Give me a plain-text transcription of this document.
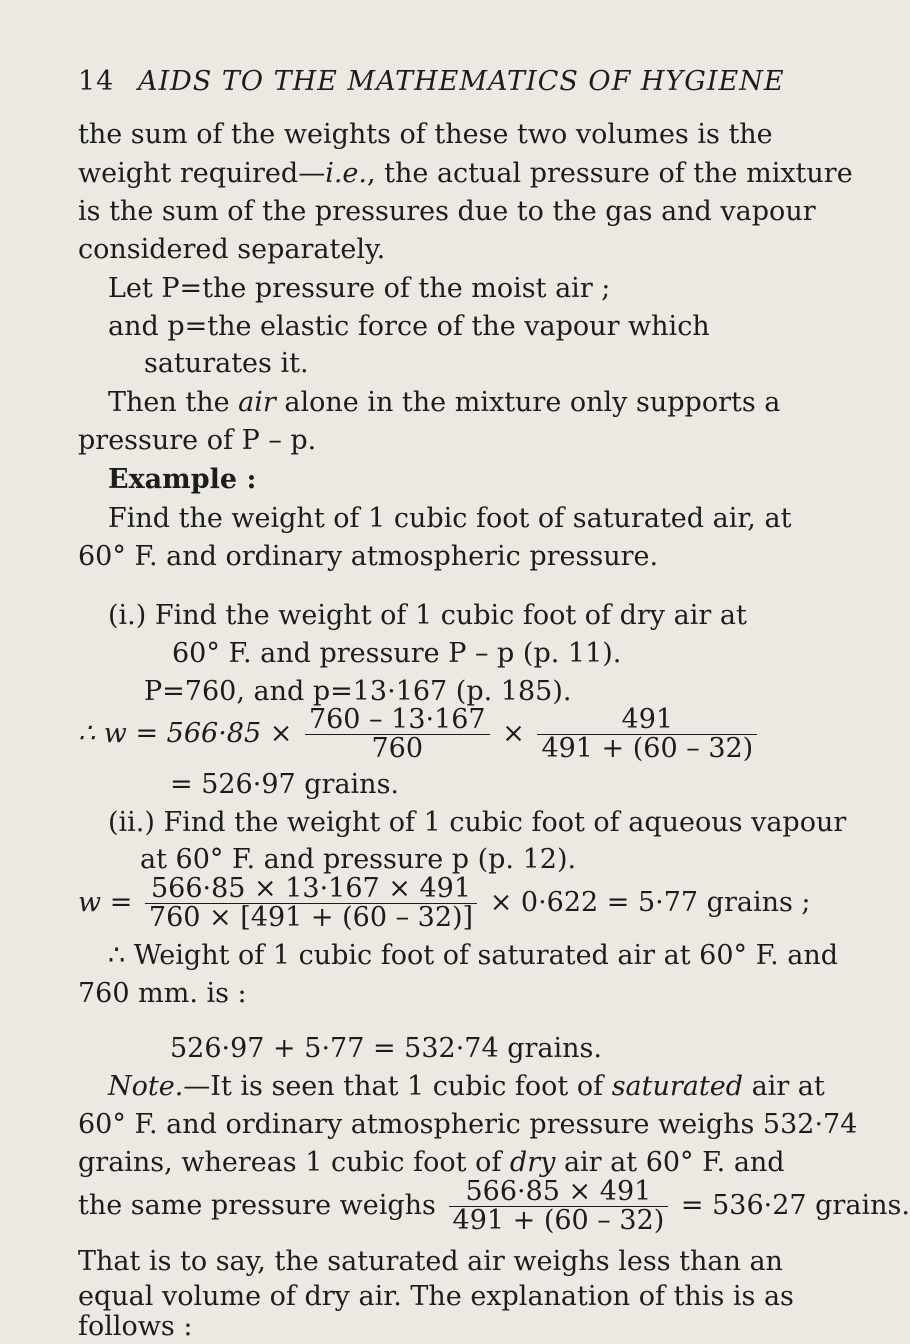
14 AIDS TO THE MATHEMATICS OF HYGIENE
the sum of the weights of these two volumes is the
weight required—i.e., the actual pressure of the mixture
is the sum of the pressures due to the gas and vapour
considered separately.
Let P=the pressure of the moist air ;
and p=the elastic force of the vapour which
saturates it.
Then the air alone in the mixture only supports a
pressure of P – p.
Example :
Find the weight of 1 cubic foot of saturated air, at
60° F. and ordinary atmospheric pressure.
(i.) Find the weight of 1 cubic foot of dry air at
60° F. and pressure P – p (p. 11).
P=760, and p=13·167 (p. 185).
∴ $w = 566\cdot 85 \times \frac{760 - 13\cdot 167}{760} \times \frac{491}{491 + (60 - 32)}$
= 526·97 grains.
(ii.) Find the weight of 1 cubic foot of aqueous vapour
at 60° F. and pressure p (p. 12).
$w = \frac{566\cdot 85 \times 13\cdot 167 \times 491}{760 \times [491 + (60 - 32)]} \times 0\cdot 622 = 5\cdot 77$ grains ;
∴ Weight of 1 cubic foot of saturated air at 60° F. and
760 mm. is :
526·97 + 5·77 = 532·74 grains.
Note.—It is seen that 1 cubic foot of saturated air at
60° F. and ordinary atmospheric pressure weighs 532·74
grains, whereas 1 cubic foot of dry air at 60° F. and
the same pressure weighs $\frac{566\cdot 85 \times 491}{491 + (60 - 32)} = 536\cdot 27$ grains.
That is to say, the saturated air weighs less than an
equal volume of dry air. The explanation of this is as
follows :
